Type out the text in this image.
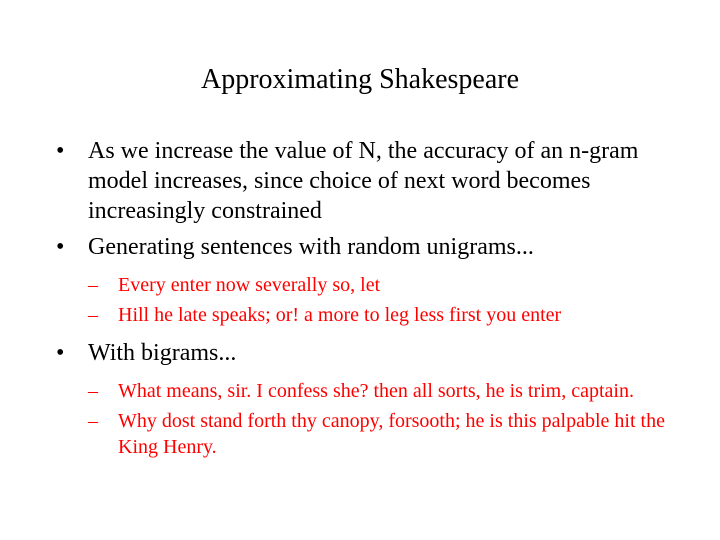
Approximating Shakespeare
• As we increase the value of N, the accuracy of an n-gram model increases, since choice of next word becomes increasingly constrained
• Generating sentences with random unigrams...
–	Every enter now severally so, let
–	Hill he late speaks; or! a more to leg less first you enter
• With bigrams...
–	What means, sir. I confess she? then all sorts, he is trim, captain.
–	Why dost stand forth thy canopy, forsooth; he is this palpable hit the King Henry.
